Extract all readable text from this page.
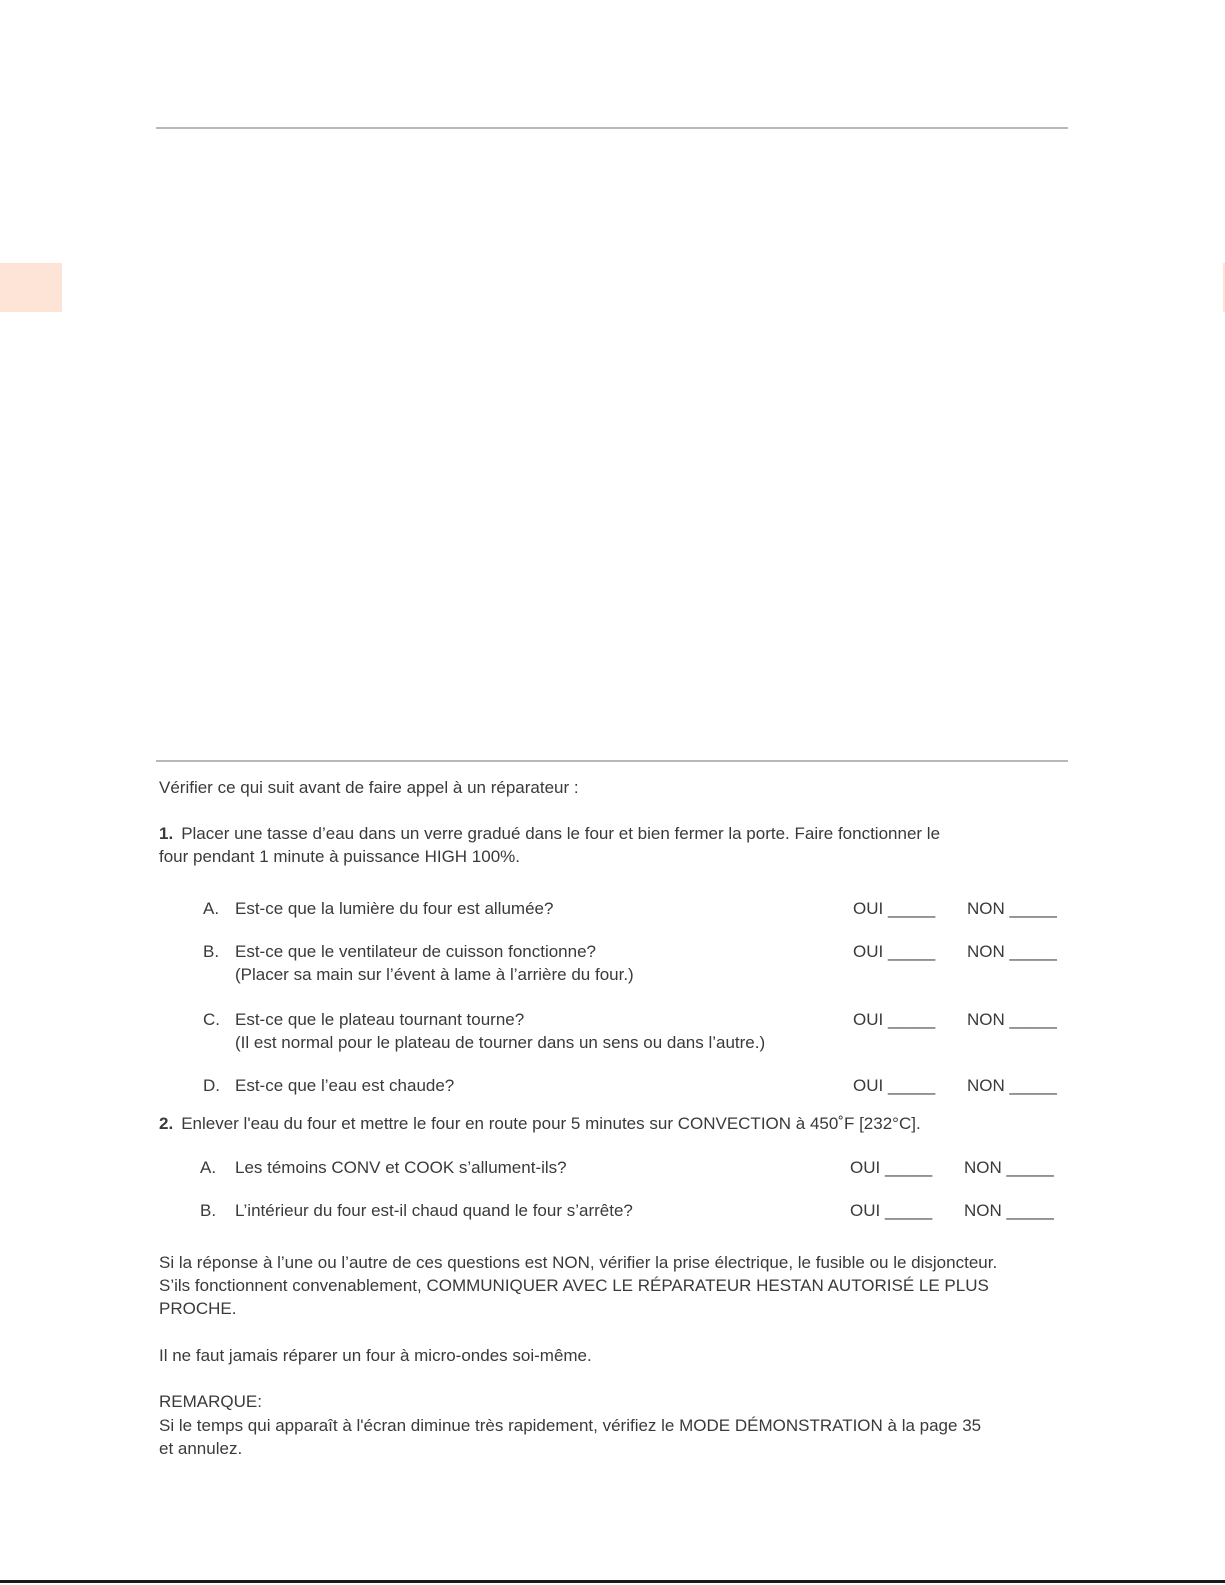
Vérifier ce qui suit avant de faire appel à un réparateur :
1. Placer une tasse d’eau dans un verre gradué dans le four et bien fermer la porte. Faire fonctionner le
four pendant 1 minute à puissance HIGH 100%.
A. Est-ce que la lumière du four est allumée?	OUI _____ NON _____
B. Est-ce que le ventilateur de cuisson fonctionne?
(Placer sa main sur l’évent à lame à l’arrière du four.)
OUI _____ NON _____
C. Est-ce que le plateau tournant tourne?
(Il est normal pour le plateau de tourner dans un sens ou dans l’autre.)
OUI _____ NON _____
D. Est-ce que l’eau est chaude?	OUI _____ NON _____
2. Enlever l'eau du four et mettre le four en route pour 5 minutes sur CONVECTION à 450˚F [232°C].
A. Les témoins CONV et COOK s’allument-ils?	OUI _____ NON _____
B. L’intérieur du four est-il chaud quand le four s’arrête?	OUI _____ NON _____
Si la réponse à l’une ou l’autre de ces questions est NON, vérifier la prise électrique, le fusible ou le disjoncteur.
S’ils fonctionnent convenablement, COMMUNIQUER AVEC LE RÉPARATEUR HESTAN AUTORISÉ LE PLUS
PROCHE.
Il ne faut jamais réparer un four à micro-ondes soi-même.
REMARQUE:
Si le temps qui apparaît à l'écran diminue très rapidement, vérifiez le MODE DÉMONSTRATION à la page 35
et annulez.
